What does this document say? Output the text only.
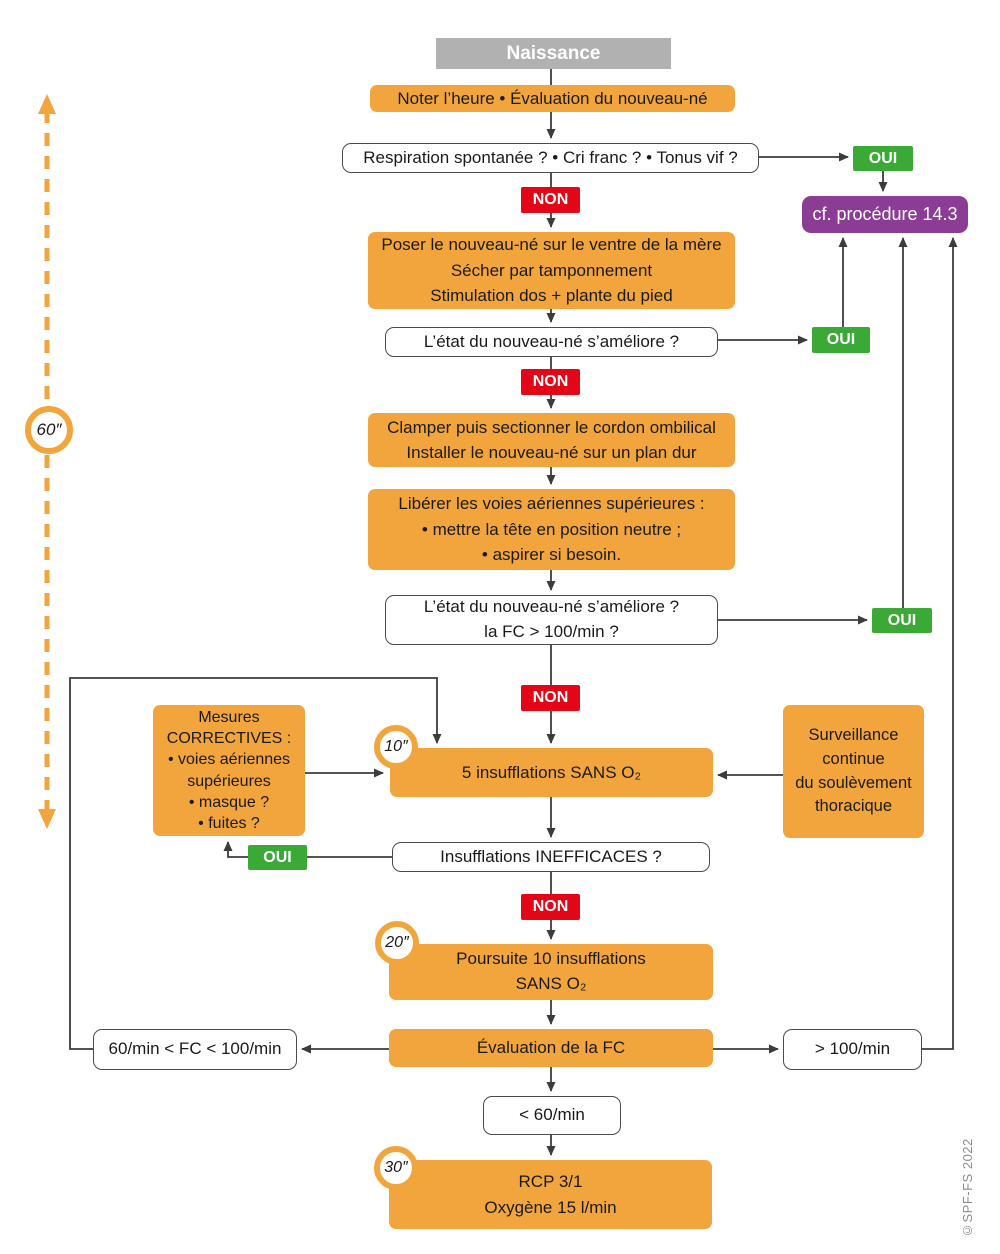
Naissance
Noter l’heure • Évaluation du nouveau-né
Respiration spontanée ? • Cri franc ? • Tonus vif ?
NON
OUI
cf. procédure 14.3
Poser le nouveau-né sur le ventre de la mère
Sécher par tamponnement
Stimulation dos + plante du pied
L’état du nouveau-né s’améliore ?	OUI
NON
Clamper puis sectionner le cordon ombilical
Installer le nouveau-né sur un plan dur
Libérer les voies aériennes supérieures :
• mettre la tête en position neutre ;
• aspirer si besoin.
L’état du nouveau-né s’améliore ?
la FC > 100/min ?
OUI
NON
Mesures
CORRECTIVES :
• voies aériennes
supérieures
• masque ?
• fuites ?
5 insufflations SANS O₂
10″
Surveillance
continue
du soulèvement
thoracique
Insufflations INEFFICACES ?
OUI
NON
Poursuite 10 insufflations
SANS O₂
20″
Évaluation de la FC
60/min < FC < 100/min	> 100/min
< 60/min
RCP 3/1
Oxygène 15 l/min
30″
60″
©SPF-FS 2022
